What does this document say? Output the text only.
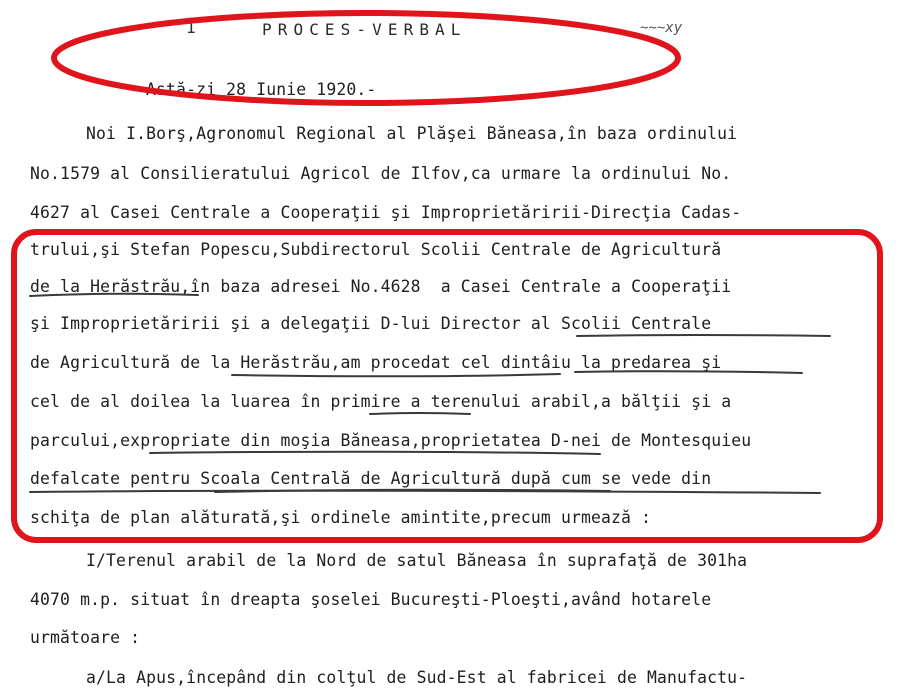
1	PROCES-VERBAL	~~~xy
Astă-zi 28 Iunie 1920.-
Noi I.Borş,Agronomul Regional al Plăşei Băneasa,în baza ordinului
No.1579 al Consilieratului Agricol de Ilfov,ca urmare la ordinului No.
4627 al Casei Centrale a Cooperaţii şi Improprietăririi-Direcţia Cadas-
trului,şi Stefan Popescu,Subdirectorul Scolii Centrale de Agricultură
de la Herăstrău,în baza adresei No.4628  a Casei Centrale a Cooperaţii
şi Improprietăririi şi a delegaţii D-lui Director al Scolii Centrale
de Agricultură de la Herăstrău,am procedat cel dintâiu la predarea şi
cel de al doilea la luarea în primire a terenului arabil,a bălţii şi a
parcului,expropriate din moşia Băneasa,proprietatea D-nei de Montesquieu
defalcate pentru Scoala Centrală de Agricultură după cum se vede din
schiţa de plan alăturată,şi ordinele amintite,precum urmează :
I/Terenul arabil de la Nord de satul Băneasa în suprafaţă de 301ha
4070 m.p. situat în dreapta şoselei Bucureşti-Ploeşti,având hotarele
următoare :
a/La Apus,începând din colţul de Sud-Est al fabricei de Manufactu-
